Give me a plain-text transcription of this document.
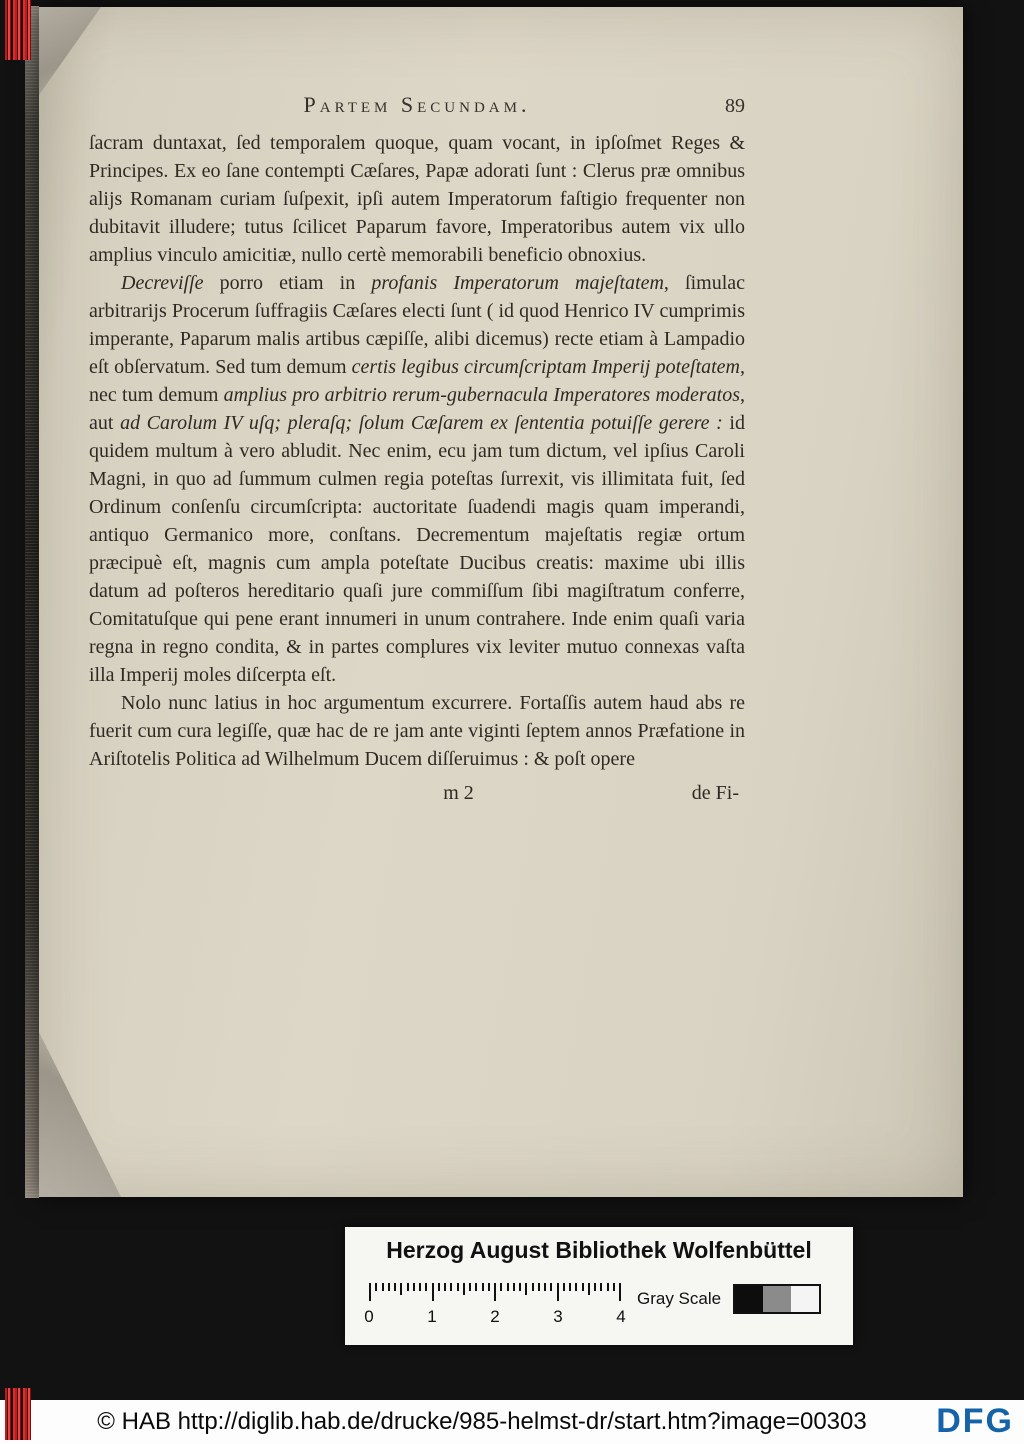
Partem Secundam.	89

ſacram duntaxat, ſed temporalem quoque, quam vocant, in ipſoſmet Reges & Principes. Ex eo ſane contempti Cæſares, Papæ adorati ſunt : Clerus præ omnibus alijs Romanam curiam ſuſpexit, ipſi autem Imperatorum faſtigio frequenter non dubitavit illudere; tutus ſcilicet Paparum favore, Imperatoribus autem vix ullo amplius vinculo amicitiæ, nullo certè memorabili beneficio obnoxius.

Decreviſſe porro etiam in profanis Imperatorum majeſtatem, ſimulac arbitrarijs Procerum ſuffragiis Cæſares electi ſunt ( id quod Henrico IV cumprimis imperante, Paparum malis artibus cæpiſſe, alibi dicemus) recte etiam à Lampadio eſt obſervatum. Sed tum demum certis legibus circumſcriptam Imperij poteſtatem, nec tum demum amplius pro arbitrio rerum-gubernacula Imperatores moderatos, aut ad Carolum IV uſq; pleraſq; ſolum Cæſarem ex ſententia potuiſſe gerere : id quidem multum à vero abludit. Nec enim, ecu jam tum dictum, vel ipſius Caroli Magni, in quo ad ſummum culmen regia poteſtas ſurrexit, vis illimitata fuit, ſed Ordinum conſenſu circumſcripta: auctoritate ſuadendi magis quam imperandi, antiquo Germanico more, conſtans. Decrementum majeſtatis regiæ ortum præcipuè eſt, magnis cum ampla poteſtate Ducibus creatis: maxime ubi illis datum ad poſteros hereditario quaſi jure commiſſum ſibi magiſtratum conferre, Comitatuſque qui pene erant innumeri in unum contrahere. Inde enim quaſi varia regna in regno condita, & in partes complures vix leviter mutuo connexas vaſta illa Imperij moles diſcerpta eſt.

Nolo nunc latius in hoc argumentum excurrere. Fortaſſis autem haud abs re fuerit cum cura legiſſe, quæ hac de re jam ante viginti ſeptem annos Præfatione in Ariſtotelis Politica ad Wilhelmum Ducem diſſeruimus : & poſt opere

m 2	de Fi-
Herzog August Bibliothek Wolfenbüttel
0	1	2	3	4
Gray Scale
© HAB http://diglib.hab.de/drucke/985-helmst-dr/start.htm?image=00303	DFG
